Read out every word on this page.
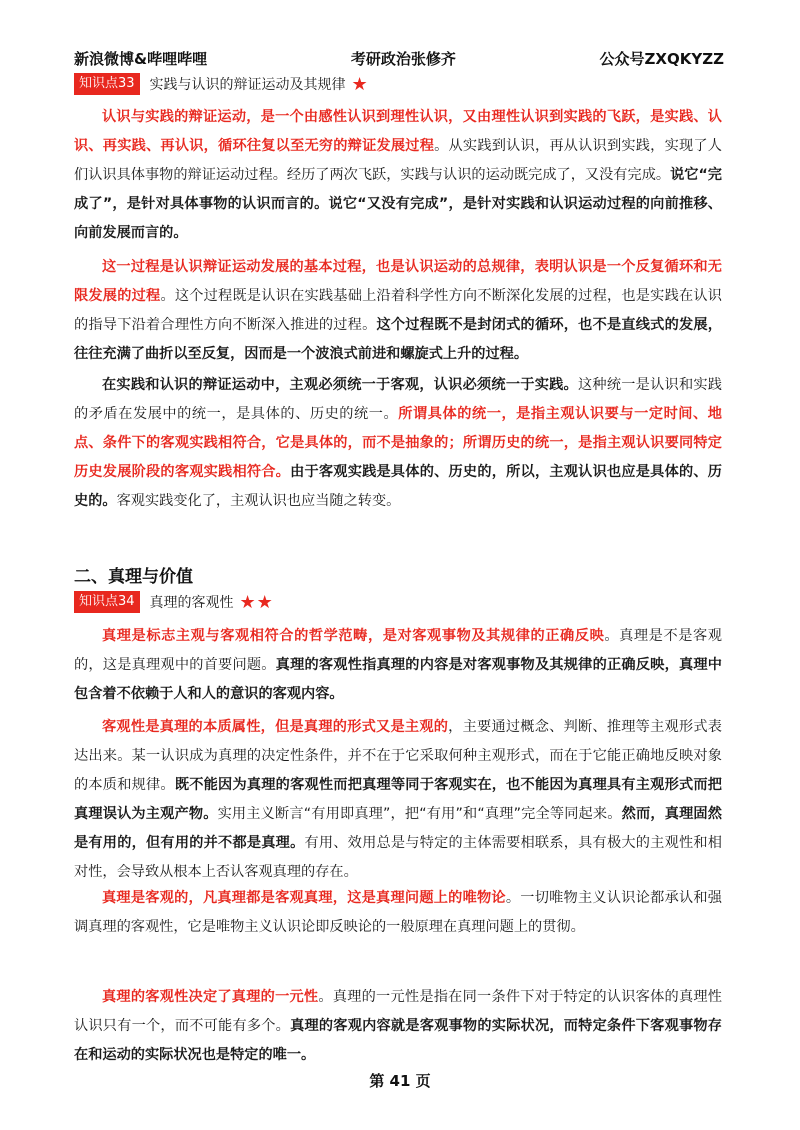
新浪微博&哔哩哔哩	考研政治张修齐	公众号ZXQKYZZ
知识点33	实践与认识的辩证运动及其规律 ★

认识与实践的辩证运动，是一个由感性认识到理性认识，又由理性认识到实践的飞跃，是实践、认识、再实践、再认识，循环往复以至无穷的辩证发展过程。从实践到认识，再从认识到实践，实现了人们认识具体事物的辩证运动过程。经历了两次飞跃，实践与认识的运动既完成了，又没有完成。说它“完成了”，是针对具体事物的认识而言的。说它“又没有完成”，是针对实践和认识运动过程的向前推移、向前发展而言的。

这一过程是认识辩证运动发展的基本过程，也是认识运动的总规律，表明认识是一个反复循环和无限发展的过程。这个过程既是认识在实践基础上沿着科学性方向不断深化发展的过程，也是实践在认识的指导下沿着合理性方向不断深入推进的过程。这个过程既不是封闭式的循环，也不是直线式的发展，往往充满了曲折以至反复，因而是一个波浪式前进和螺旋式上升的过程。

在实践和认识的辩证运动中，主观必须统一于客观，认识必须统一于实践。这种统一是认识和实践的矛盾在发展中的统一，是具体的、历史的统一。所谓具体的统一，是指主观认识要与一定时间、地点、条件下的客观实践相符合，它是具体的，而不是抽象的；所谓历史的统一，是指主观认识要同特定历史发展阶段的客观实践相符合。由于客观实践是具体的、历史的，所以，主观认识也应是具体的、历史的。客观实践变化了，主观认识也应当随之转变。

二、真理与价值
知识点34	真理的客观性 ★★

真理是标志主观与客观相符合的哲学范畴，是对客观事物及其规律的正确反映。真理是不是客观的，这是真理观中的首要问题。真理的客观性指真理的内容是对客观事物及其规律的正确反映，真理中包含着不依赖于人和人的意识的客观内容。

客观性是真理的本质属性，但是真理的形式又是主观的，主要通过概念、判断、推理等主观形式表达出来。某一认识成为真理的决定性条件，并不在于它采取何种主观形式，而在于它能正确地反映对象的本质和规律。既不能因为真理的客观性而把真理等同于客观实在，也不能因为真理具有主观形式而把真理误认为主观产物。实用主义断言“有用即真理”，把“有用”和“真理”完全等同起来。然而，真理固然是有用的，但有用的并不都是真理。有用、效用总是与特定的主体需要相联系，具有极大的主观性和相对性，会导致从根本上否认客观真理的存在。

真理是客观的，凡真理都是客观真理，这是真理问题上的唯物论。一切唯物主义认识论都承认和强调真理的客观性，它是唯物主义认识论即反映论的一般原理在真理问题上的贯彻。

真理的客观性决定了真理的一元性。真理的一元性是指在同一条件下对于特定的认识客体的真理性认识只有一个，而不可能有多个。真理的客观内容就是客观事物的实际状况，而特定条件下客观事物存在和运动的实际状况也是特定的唯一。

第 41 页
